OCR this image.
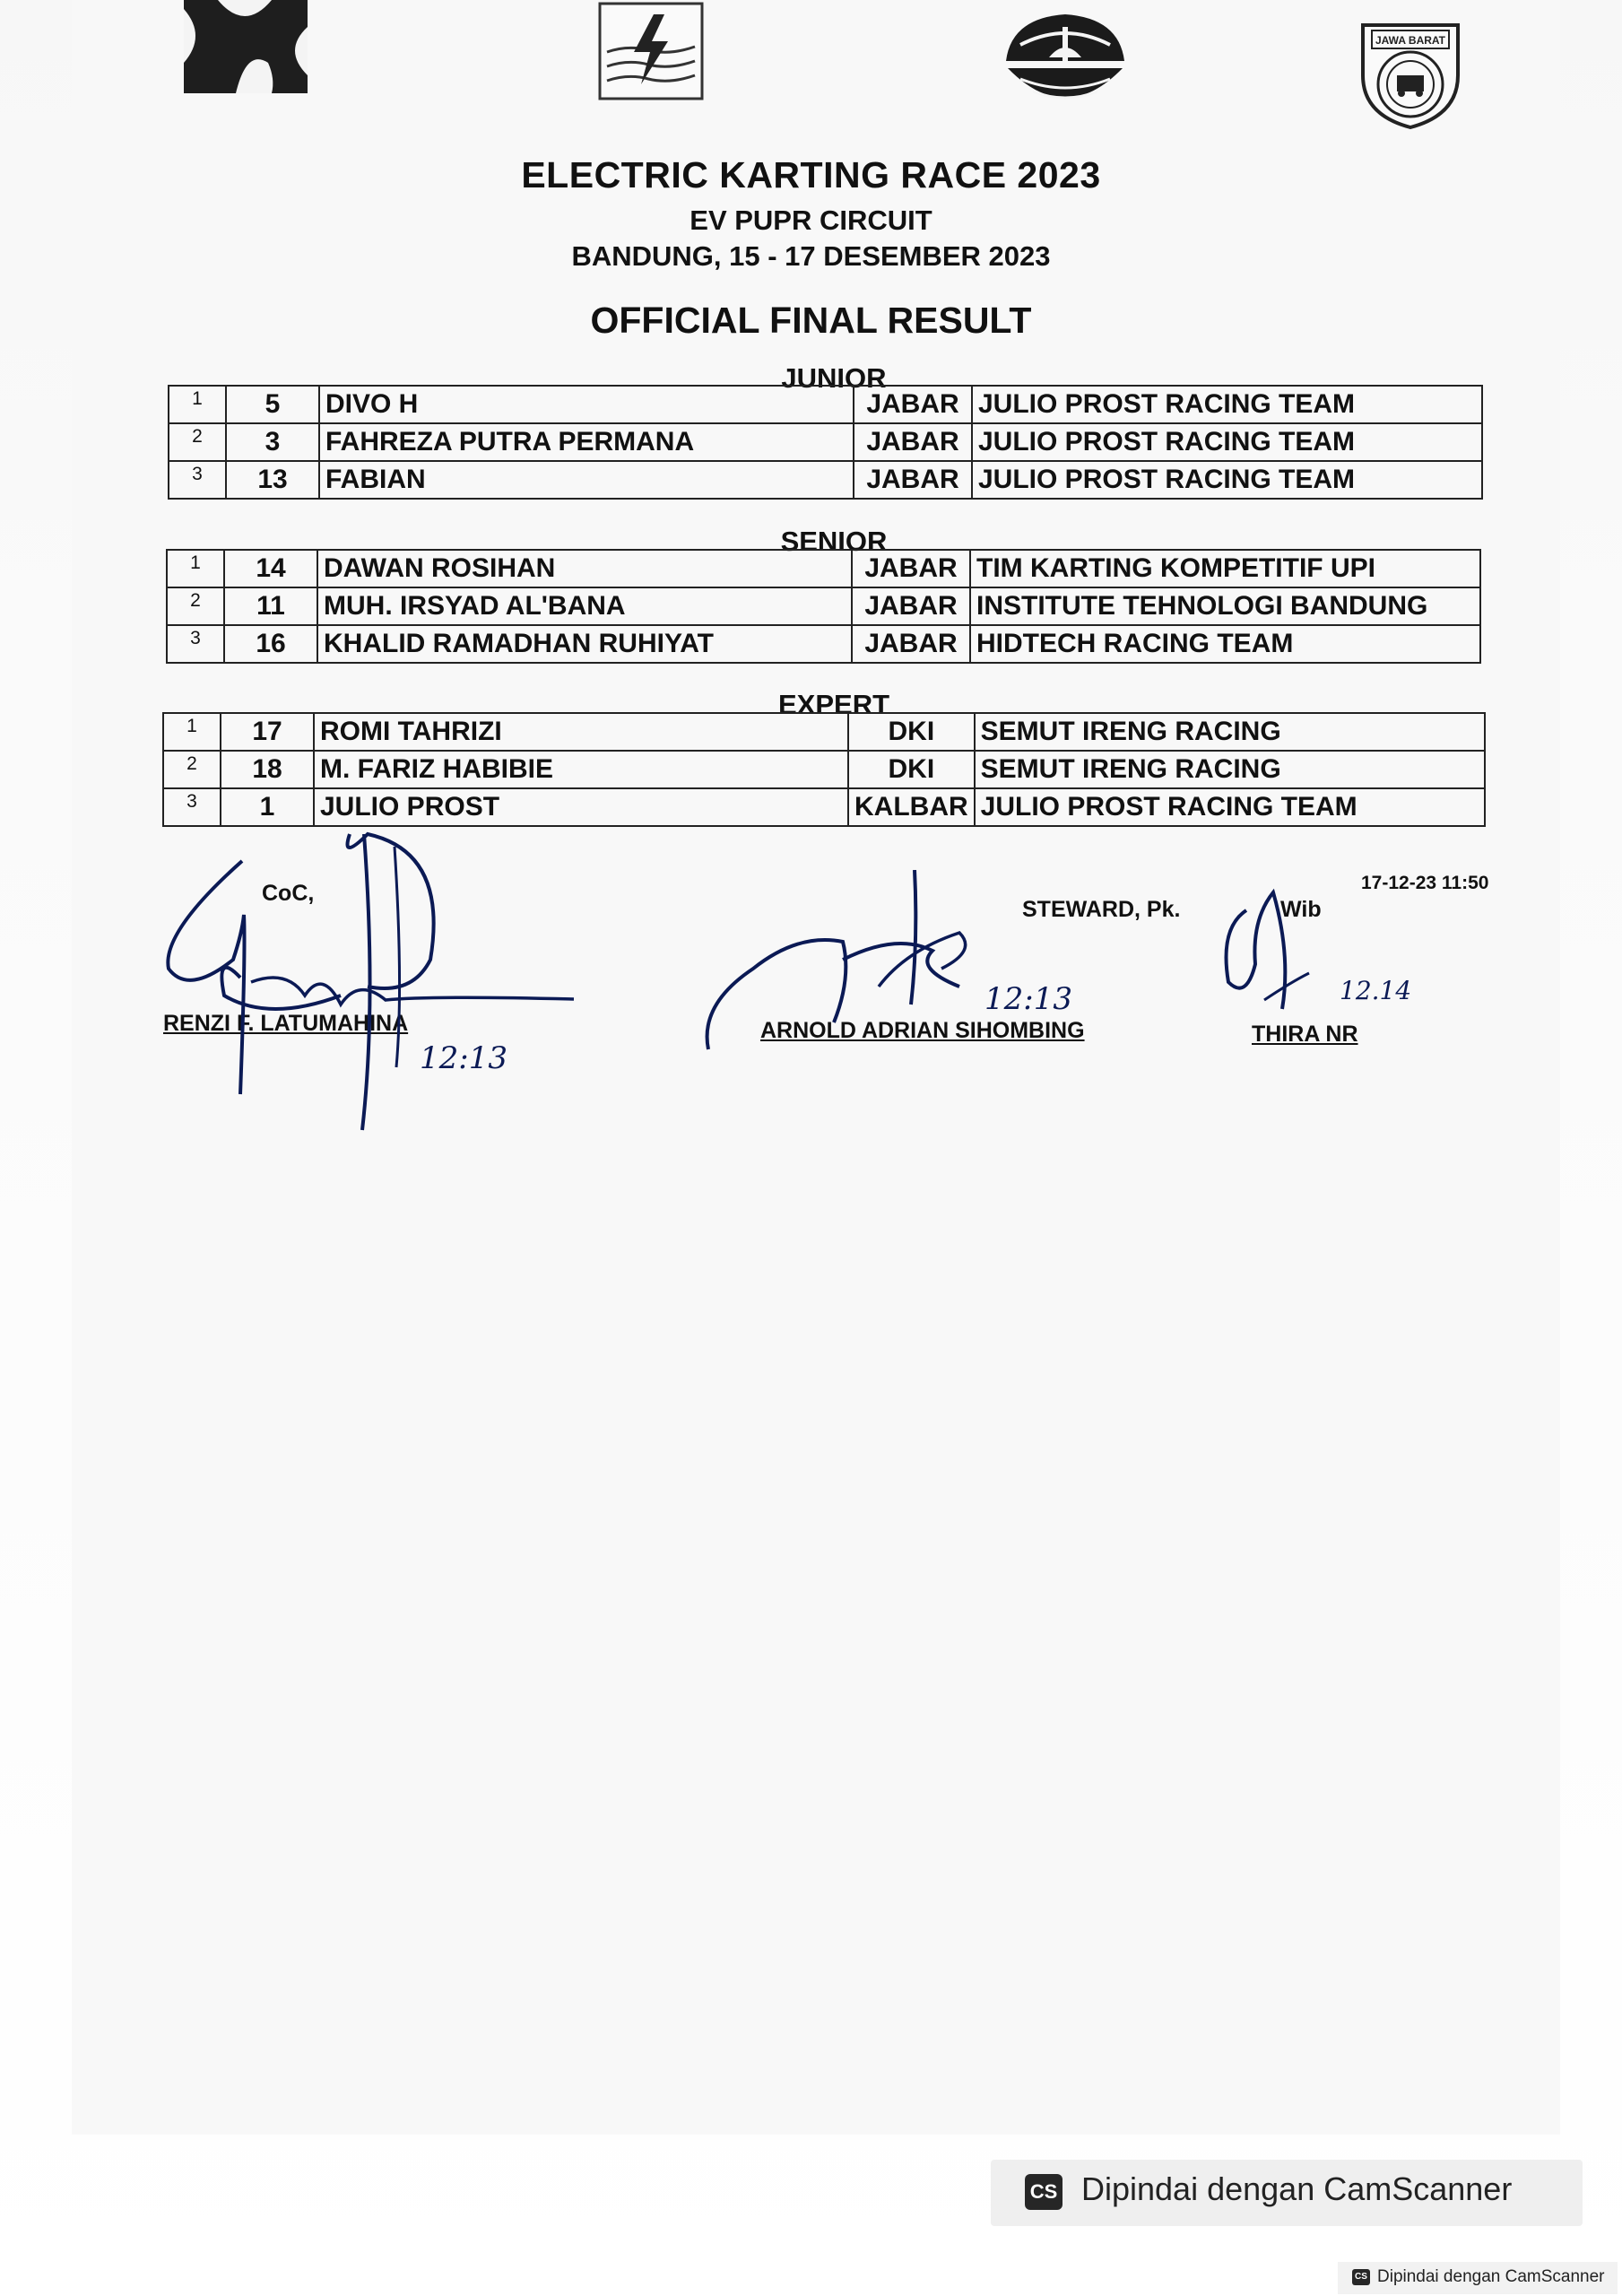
JAWA BARAT
ELECTRIC KARTING RACE 2023
EV PUPR CIRCUIT
BANDUNG, 15 - 17 DESEMBER 2023
OFFICIAL FINAL RESULT
JUNIOR
1	5	DIVO H	JABAR	JULIO PROST RACING TEAM
2	3	FAHREZA PUTRA PERMANA	JABAR	JULIO PROST RACING TEAM
3	13	FABIAN	JABAR	JULIO PROST RACING TEAM
SENIOR
1	14	DAWAN ROSIHAN	JABAR	TIM KARTING KOMPETITIF UPI
2	11	MUH. IRSYAD AL'BANA	JABAR	INSTITUTE TEHNOLOGI BANDUNG
3	16	KHALID RAMADHAN RUHIYAT	JABAR	HIDTECH RACING TEAM
EXPERT
1	17	ROMI TAHRIZI	DKI	SEMUT IRENG RACING
2	18	M. FARIZ HABIBIE	DKI	SEMUT IRENG RACING
3	1	JULIO PROST	KALBAR	JULIO PROST RACING TEAM
CoC,
RENZI F. LATUMAHINA
12:13
STEWARD, Pk.	Wib
17-12-23 11:50
ARNOLD ADRIAN SIHOMBING
12:13
THIRA NR
12.14
CS Dipindai dengan CamScanner
CS Dipindai dengan CamScanner
